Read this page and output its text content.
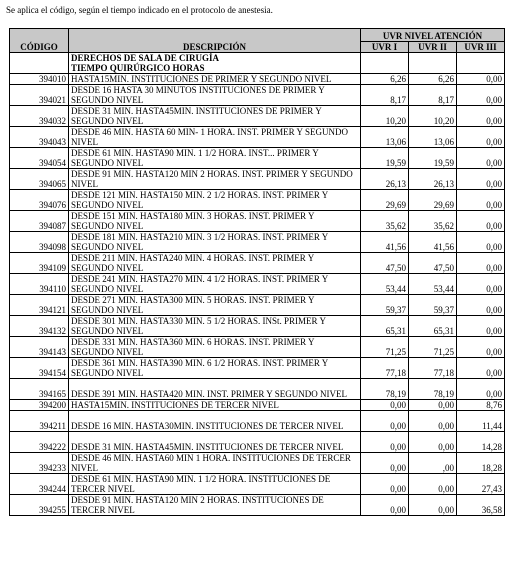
Se aplica el código, según el tiempo indicado en el protocolo de anestesia.
CÓDIGO	DESCRIPCIÓN	UVR NIVEL ATENCIÓN		
		UVR I	UVR II	UVR III

	DERECHOS DE SALA DE CIRUGÍA
TIEMPO QUIRÚRGICO HORAS			

394010	HASTA15MIN. INSTITUCIONES DE PRIMER Y SEGUNDO NIVEL	6,26	6,26	0,00
394021	DESDE 16 HASTA 30 MINUTOS INSTITUCIONES DE PRIMER Y SEGUNDO NIVEL	8,17	8,17	0,00
394032	DESDE 31 MIN. HASTA45MIN. INSTITUCIONES DE PRIMER Y SEGUNDO NIVEL	10,20	10,20	0,00
394043	DESDE 46 MIN. HASTA 60 MIN- 1 HORA. INST. PRIMER Y SEGUNDO NIVEL	13,06	13,06	0,00
394054	DESDE 61 MIN. HASTA90 MIN. 1 1/2 HORA. INST... PRIMER Y SEGUNDO NIVEL	19,59	19,59	0,00
394065	DESDE 91 MIN. HASTA120 MIN 2 HORAS. INST. PRIMER Y SEGUNDO NIVEL	26,13	26,13	0,00
394076	DESDE 121 MIN. HASTA150 MIN. 2 1/2 HORAS. INST. PRIMER Y SEGUNDO NIVEL	29,69	29,69	0,00
394087	DESDE 151 MIN. HASTA180 MIN. 3 HORAS. INST. PRIMER Y SEGUNDO NIVEL	35,62	35,62	0,00
394098	DESDE 181 MIN. HASTA210 MIN. 3 1/2 HORAS. INST. PRIMER Y SEGUNDO NIVEL	41,56	41,56	0,00
394109	DESDE 211 MIN. HASTA240 MIN. 4 HORAS. INST. PRIMER Y SEGUNDO NIVEL	47,50	47,50	0,00
394110	DESDE 241 MIN. HASTA270 MIN. 4 1/2 HORAS. INST. PRIMER Y SEGUNDO NIVEL	53,44	53,44	0,00
394121	DESDE 271 MIN. HASTA300 MIN. 5 HORAS. INST. PRIMER Y SEGUNDO NIVEL	59,37	59,37	0,00
394132	DESDE 301 MIN. HASTA330 MIN. 5 1/2 HORAS. INSt. PRIMER Y SEGUNDO NIVEL	65,31	65,31	0,00
394143	DESDE 331 MIN. HASTA360 MIN. 6 HORAS. INST. PRIMER Y SEGUNDO NIVEL	71,25	71,25	0,00
394154	DESDE 361 MIN. HASTA390 MIN. 6 1/2 HORAS. INST. PRIMER Y SEGUNDO NIVEL	77,18	77,18	0,00
394165	DESDE 391 MIN. HASTA420 MIN. INST. PRIMER Y SEGUNDO NIVEL	78,19	78,19	0,00
394200	HASTA15MIN. INSTITUCIONES DE TERCER NIVEL	0,00	0,00	8,76
394211	DESDE 16 MIN. HASTA30MIN. INSTITUCIONES DE TERCER NIVEL	0,00	0,00	11,44
394222	DESDE 31 MIN. HASTA45MIN. INSTITUCIONES DE TERCER NIVEL	0,00	0,00	14,28
394233	DESDE 46 MIN. HASTA60 MIN 1 HORA. INSTITUCIONES DE TERCER NIVEL	0,00	,00	18,28
394244	DESDE 61 MIN. HASTA90 MIN. 1 1/2 HORA. INSTITUCIONES DE TERCER NIVEL	0,00	0,00	27,43
394255	DESDE 91 MIN. HASTA120 MIN 2 HORAS. INSTITUCIONES DE TERCER NIVEL	0,00	0,00	36,58
